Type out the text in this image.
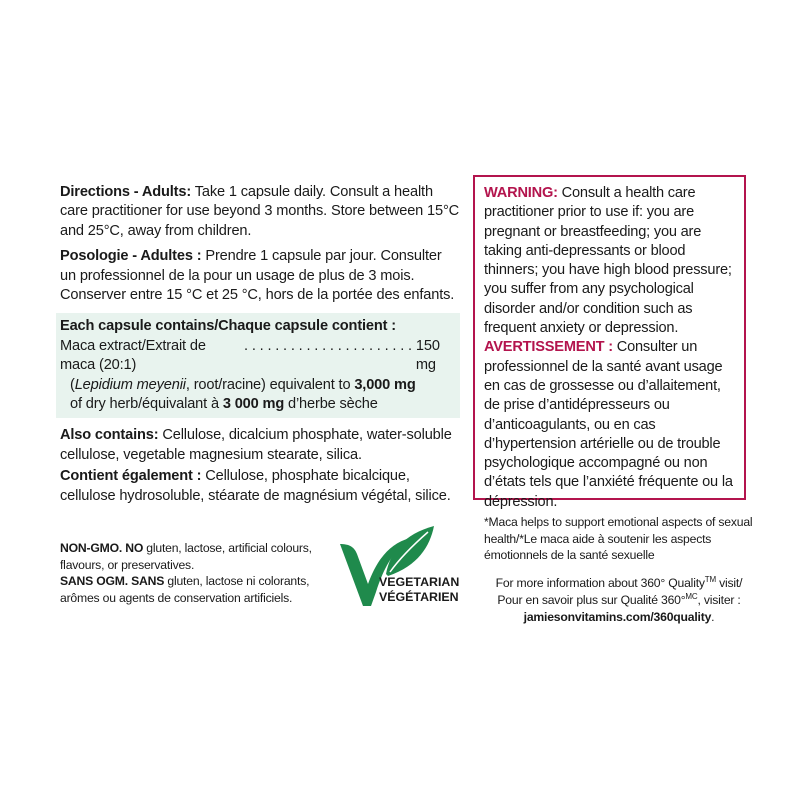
Directions - Adults: Take 1 capsule daily. Consult a health care practitioner for use beyond 3 months. Store between 15°C and 25°C, away from children.

Posologie - Adultes : Prendre 1 capsule par jour. Consulter un professionnel de la pour un usage de plus de 3 mois. Conserver entre 15 °C et 25 °C, hors de la portée des enfants.

Each capsule contains/Chaque capsule contient :

Maca extract/Extrait de maca (20:1)
. . . . . . . . . . . . . . . . . . . . . . 150 mg

(Lepidium meyenii, root/racine) equivalent to 3,000 mg

of dry herb/équivalant à 3 000 mg d’herbe sèche

Also contains: Cellulose, dicalcium phosphate, water-soluble cellulose, vegetable magnesium stearate, silica.

Contient également : Cellulose, phosphate bicalcique, cellulose hydrosoluble, stéarate de magnésium végétal, silice.

NON-GMO. NO gluten, lactose, artificial colours, flavours, or preservatives.

SANS OGM. SANS gluten, lactose ni colorants, arômes ou agents de conservation artificiels.

VEGETARIAN
VÉGÉTARIEN

WARNING: Consult a health care practitioner prior to use if: you are pregnant or breastfeeding; you are taking anti-depressants or blood thinners; you have high blood pressure; you suffer from any psychological disorder and/or condition such as frequent anxiety or depression.

AVERTISSEMENT : Consulter un professionnel de la santé avant usage en cas de grossesse ou d’allaitement, de prise d’antidépresseurs ou d’anticoagulants, ou en cas d’hypertension artérielle ou de trouble psychologique accompagné ou non d’états tels que l’anxiété fréquente ou la dépression.

*Maca helps to support emotional aspects of sexual health/*Le maca aide à soutenir les aspects émotionnels de la santé sexuelle

For more information about 360° Quality™ visit/

Pour en savoir plus sur Qualité 360°$^{MC}$, visiter :

jamiesonvitamins.com/360quality.
